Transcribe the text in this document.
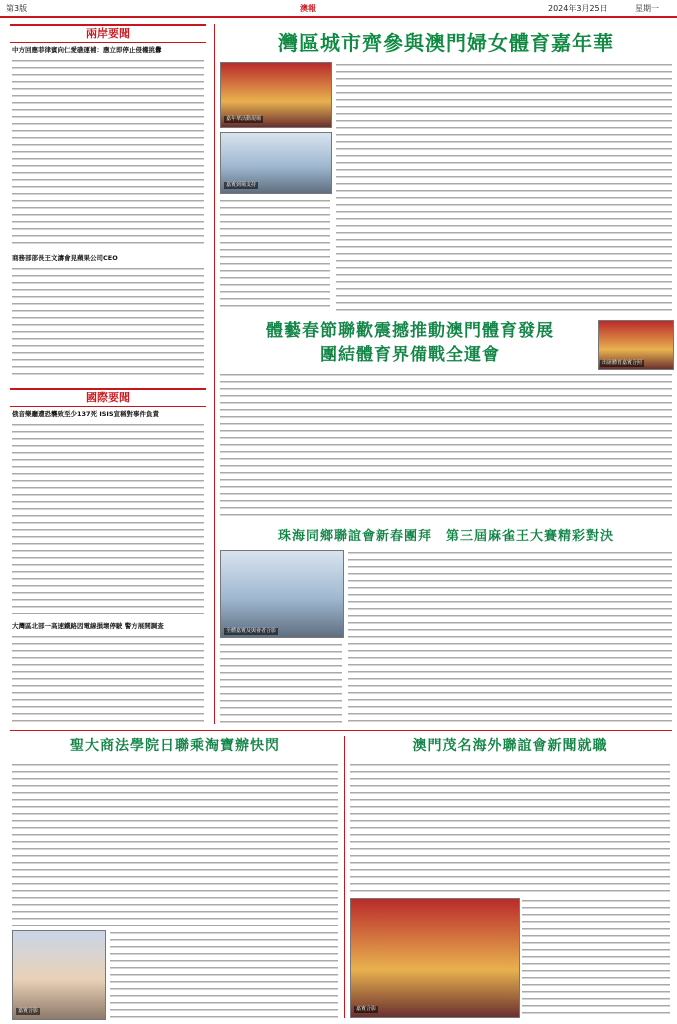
第3版	澳報	2024年3月25日	星期一
兩岸要聞
中方回應菲律賓向仁愛礁運補：應立即停止侵權挑釁
商務部部長王文濤會見蘋果公司CEO
國際要聞
俄音樂廳遭恐襲致至少137死 ISIS宣稱對事件負責
大灣區北部一高速鐵路因電線損壞停駛 警方展開調查
灣區城市齊參與澳門婦女體育嘉年華
嘉年華活動現場
嘉賓到場支持
體藝春節聯歡震撼推動澳門體育發展
團結體育界備戰全運會	出席體育嘉賓合照
珠海同鄉聯誼會新春團拜　第三屆麻雀王大賽精彩對決
全體嘉賓及與會者合影
聖大商法學院日聯乘淘寶辦快閃
嘉賓合影
澳門茂名海外聯誼會新聞就職
嘉賓合影
